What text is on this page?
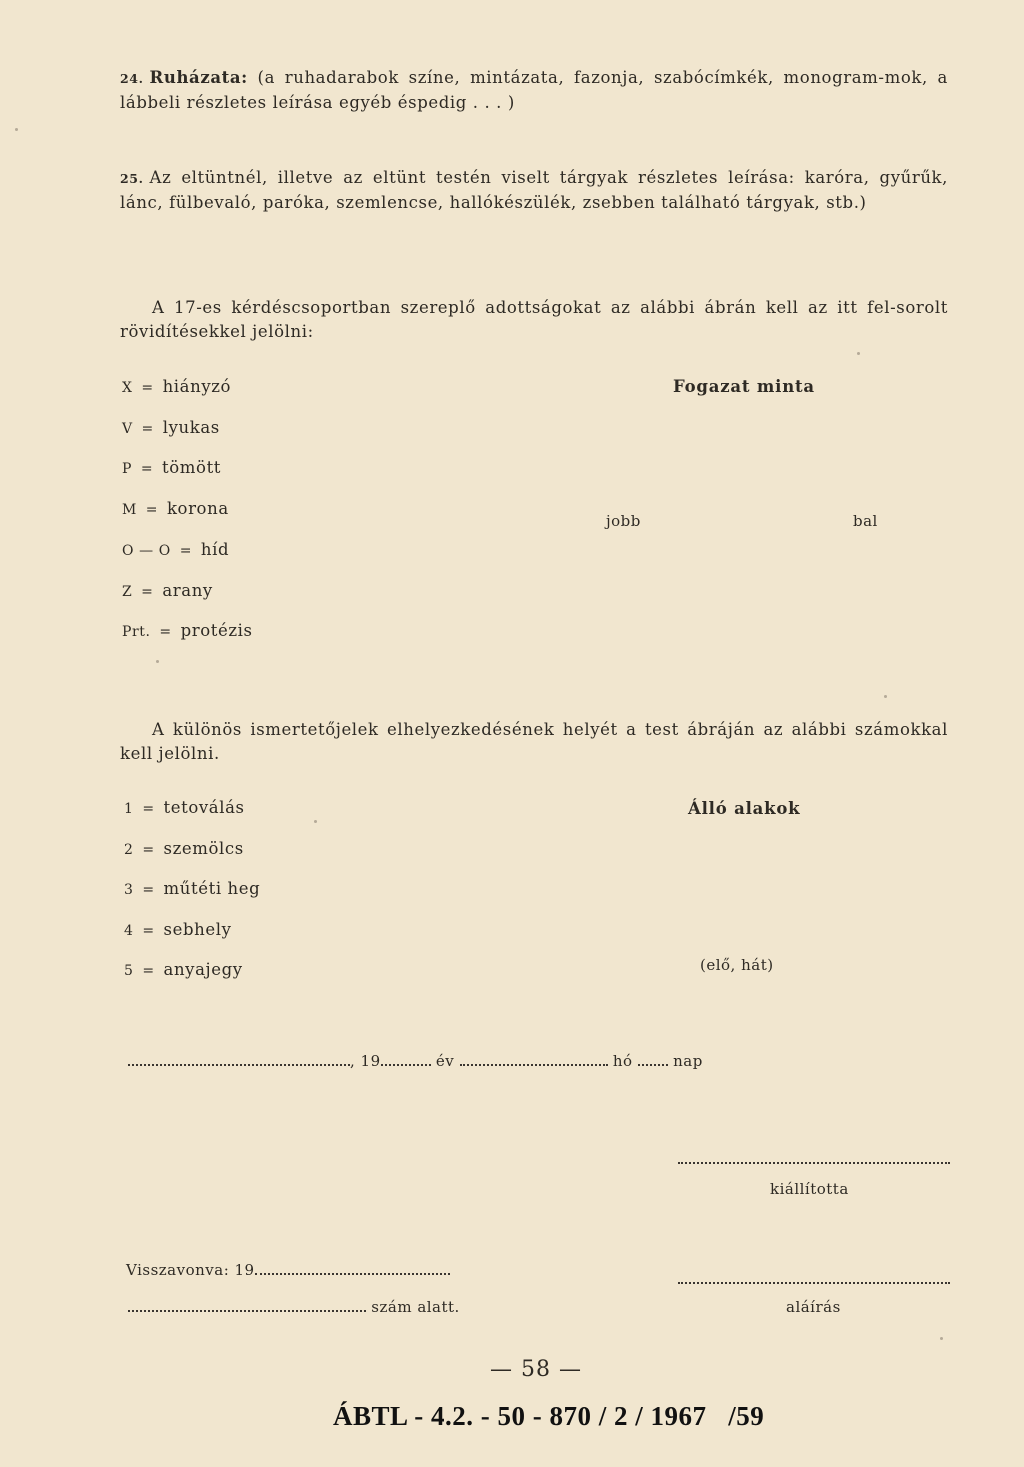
24. Ruházata: (a ruhadarabok színe, mintázata, fazonja, szabócímkék, monogram-mok, a lábbeli részletes leírása egyéb éspedig . . . )
25. Az eltüntnél, illetve az eltünt testén viselt tárgyak részletes leírása: karóra, gyűrűk, lánc, fülbevaló, paróka, szemlencse, hallókészülék, zsebben található tárgyak, stb.)
A 17-es kérdéscsoportban szereplő adottságokat az alábbi ábrán kell az itt fel-sorolt rövidítésekkel jelölni:
X = hiányzó
V = lyukas
P = tömött
M = korona
O — O = híd
Z = arany
Prt. = protézis
Fogazat minta
jobb	bal
A különös ismertetőjelek elhelyezkedésének helyét a test ábráján az alábbi számokkal kell jelölni.
1 = tetoválás
2 = szemölcs
3 = műtéti heg
4 = sebhely
5 = anyajegy
Álló alakok
(elő, hát)
, 19	év	hó	nap
kiállította
Visszavonva: 19
szám alatt.	aláírás
— 58 —
ÁBTL - 4.2. - 50 - 870 / 2 / 1967   /59
